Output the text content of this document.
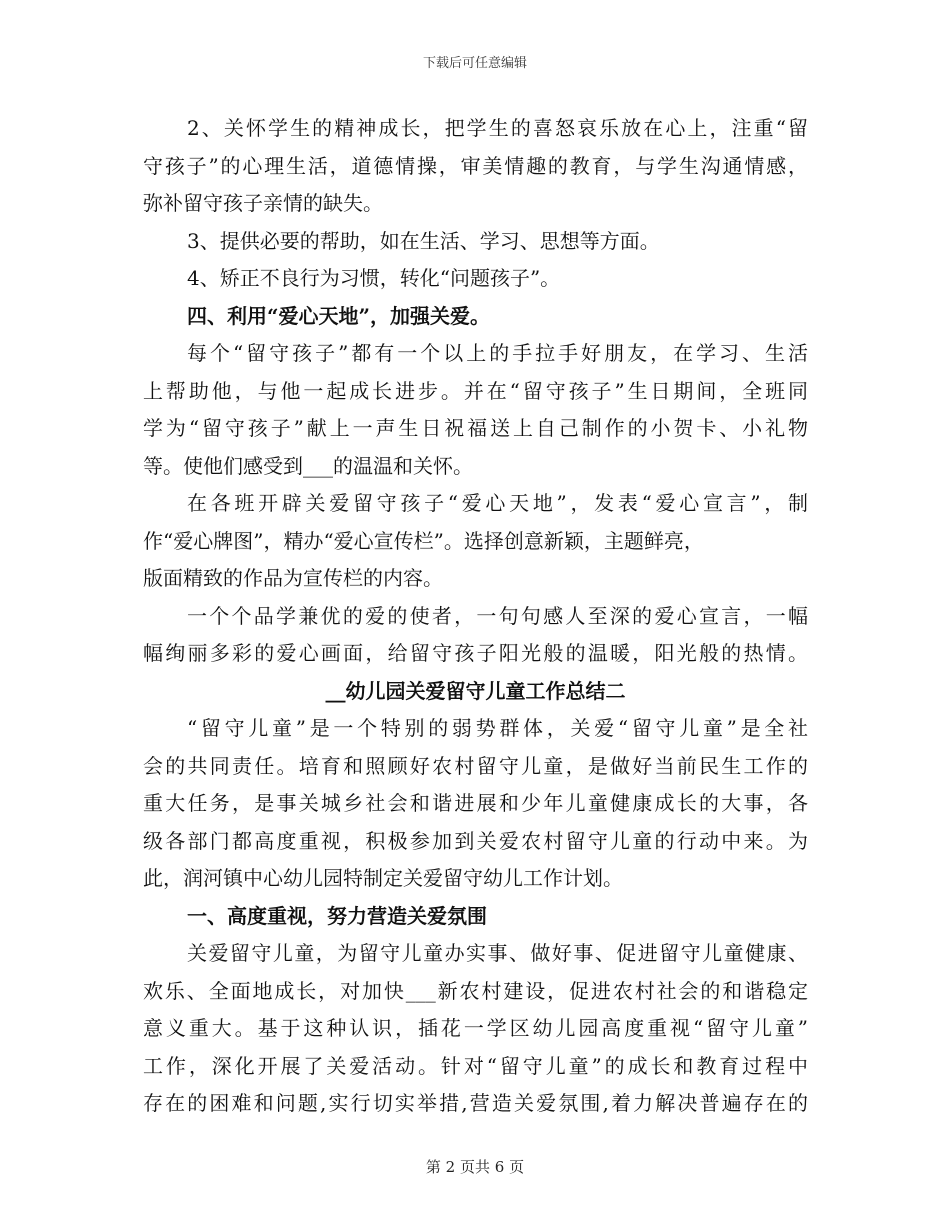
下载后可任意编辑
2、关怀学生的精神成长，把学生的喜怒哀乐放在心上，注重“留
守孩子”的心理生活，道德情操，审美情趣的教育，与学生沟通情感，
弥补留守孩子亲情的缺失。
3、提供必要的帮助，如在生活、学习、思想等方面。
4、矫正不良行为习惯，转化“问题孩子”。
四、利用“爱心天地”，加强关爱。
每个“留守孩子”都有一个以上的手拉手好朋友，在学习、生活
上帮助他，与他一起成长进步。并在“留守孩子”生日期间，全班同
学为“留守孩子”献上一声生日祝福送上自己制作的小贺卡、小礼物
等。使他们感受到___的温温和关怀。
在各班开辟关爱留守孩子“爱心天地”，发表“爱心宣言”，制
作“爱心牌图”，精办“爱心宣传栏”。选择创意新颖，主题鲜亮，
版面精致的作品为宣传栏的内容。
一个个品学兼优的爱的使者，一句句感人至深的爱心宣言，一幅
幅绚丽多彩的爱心画面，给留守孩子阳光般的温暖，阳光般的热情。
__幼儿园关爱留守儿童工作总结二
“留守儿童”是一个特别的弱势群体，关爱“留守儿童”是全社
会的共同责任。培育和照顾好农村留守儿童，是做好当前民生工作的
重大任务，是事关城乡社会和谐进展和少年儿童健康成长的大事，各
级各部门都高度重视，积极参加到关爱农村留守儿童的行动中来。为
此，润河镇中心幼儿园特制定关爱留守幼儿工作计划。
一、高度重视，努力营造关爱氛围
关爱留守儿童，为留守儿童办实事、做好事、促进留守儿童健康、
欢乐、全面地成长，对加快___新农村建设，促进农村社会的和谐稳定
意义重大。基于这种认识，插花一学区幼儿园高度重视“留守儿童”
工作，深化开展了关爱活动。针对“留守儿童”的成长和教育过程中
存在的困难和问题,实行切实举措,营造关爱氛围,着力解决普遍存在的
第 2 页共 6 页
